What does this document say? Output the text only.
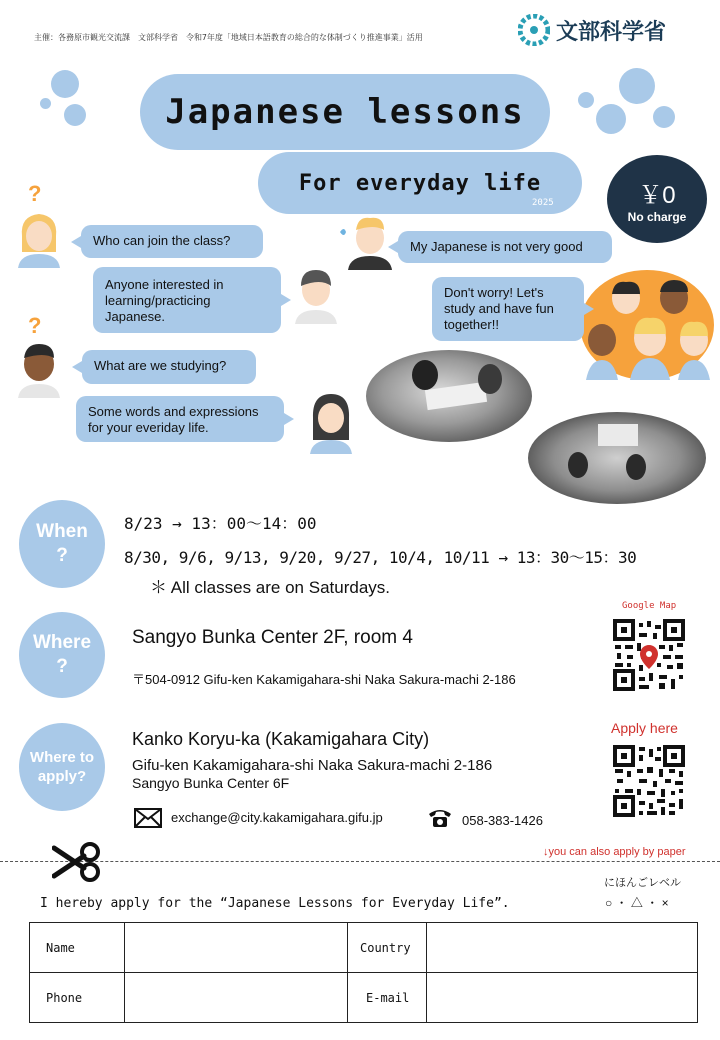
主催：各務原市観光交流課　文部科学省　令和7年度「地域日本語教育の総合的な体制づくり推進事業」活用	文部科学省
Japanese lessons
For everyday life
2025	￥0
No charge
?
?
Who can join the class?
Anyone interested in learning/practicing Japanese.
What are we studying?
Some words and expressions for your everiday life.
My Japanese is not very good
Don't worry! Let's study and have fun together!!
When ?
8/23 → 13：00〜14：00
8/30, 9/6, 9/13, 9/20, 9/27, 10/4, 10/11 → 13：30〜15：30
＊ All classes are on Saturdays.
Where ?
Sangyo Bunka Center 2F, room 4
〒504-0912 Gifu-ken Kakamigahara-shi Naka Sakura-machi 2-186
Google Map
Where to apply?
Kanko Koryu-ka (Kakamigahara City)
Gifu-ken Kakamigahara-shi Naka Sakura-machi 2-186
Sangyo Bunka Center 6F
Apply here
exchange@city.kakamigahara.gifu.jp	058-383-1426
↓you can also apply by paper
I hereby apply for the “Japanese Lessons for Everyday Life”.
にほんごレベル
○ ・ △ ・ ×
Name		Country	
Phone		E-mail	
